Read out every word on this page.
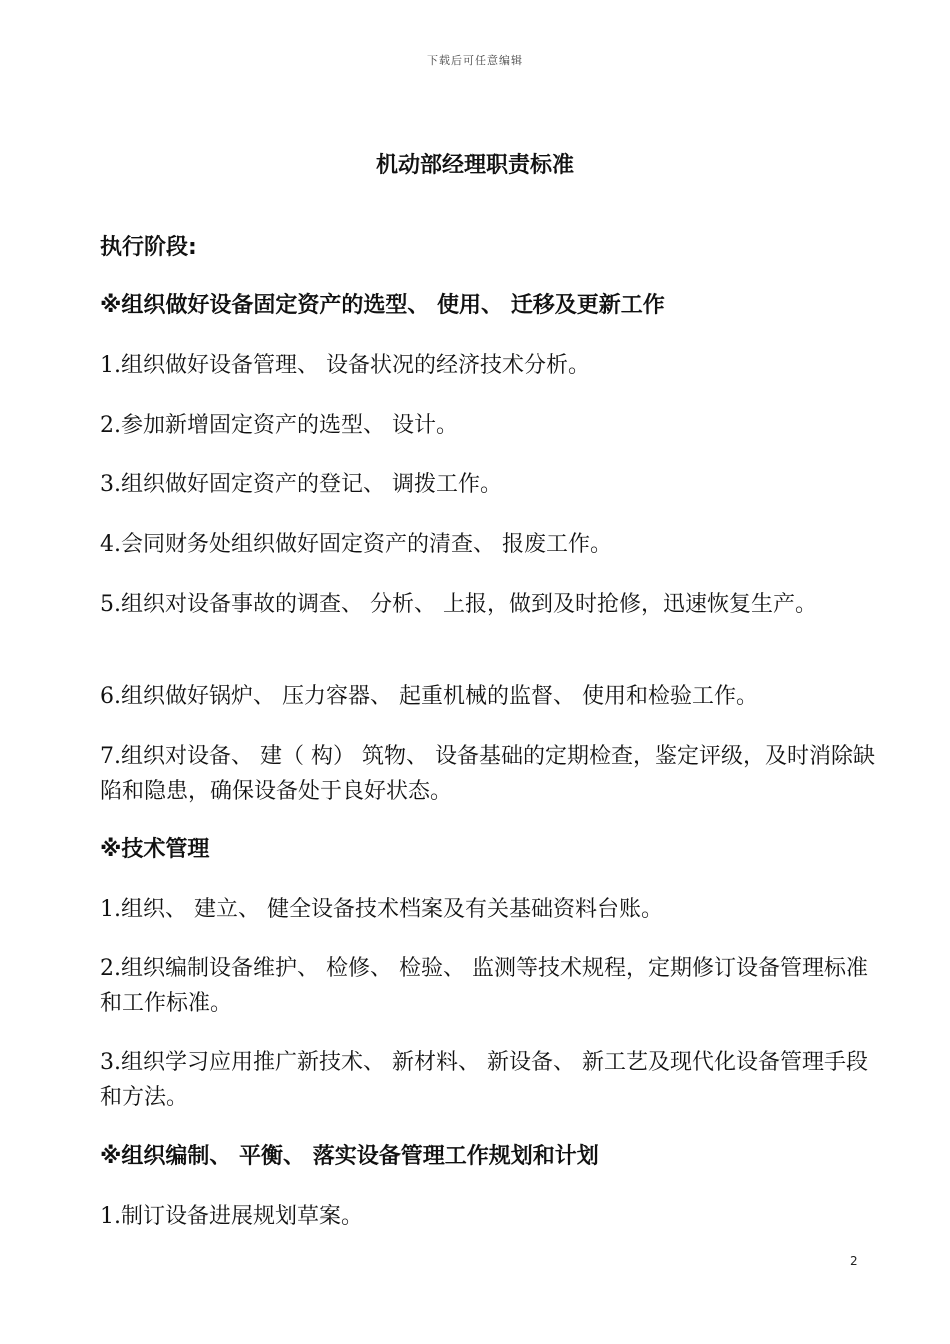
下载后可任意编辑
机动部经理职责标准

执行阶段:

※组织做好设备固定资产的选型、 使用、 迁移及更新工作

1.组织做好设备管理、 设备状况的经济技术分析。

2.参加新增固定资产的选型、 设计。

3.组织做好固定资产的登记、 调拨工作。

4.会同财务处组织做好固定资产的清查、 报废工作。

5.组织对设备事故的调查、 分析、 上报，做到及时抢修，迅速恢复生产。

6.组织做好锅炉、 压力容器、 起重机械的监督、 使用和检验工作。

7.组织对设备、 建（ 构） 筑物、 设备基础的定期检查，鉴定评级，及时消除缺陷和隐患，确保设备处于良好状态。

※技术管理

1.组织、 建立、 健全设备技术档案及有关基础资料台账。

2.组织编制设备维护、 检修、 检验、 监测等技术规程，定期修订设备管理标准和工作标准。

3.组织学习应用推广新技术、 新材料、 新设备、 新工艺及现代化设备管理手段和方法。

※组织编制、 平衡、 落实设备管理工作规划和计划

1.制订设备进展规划草案。

2
